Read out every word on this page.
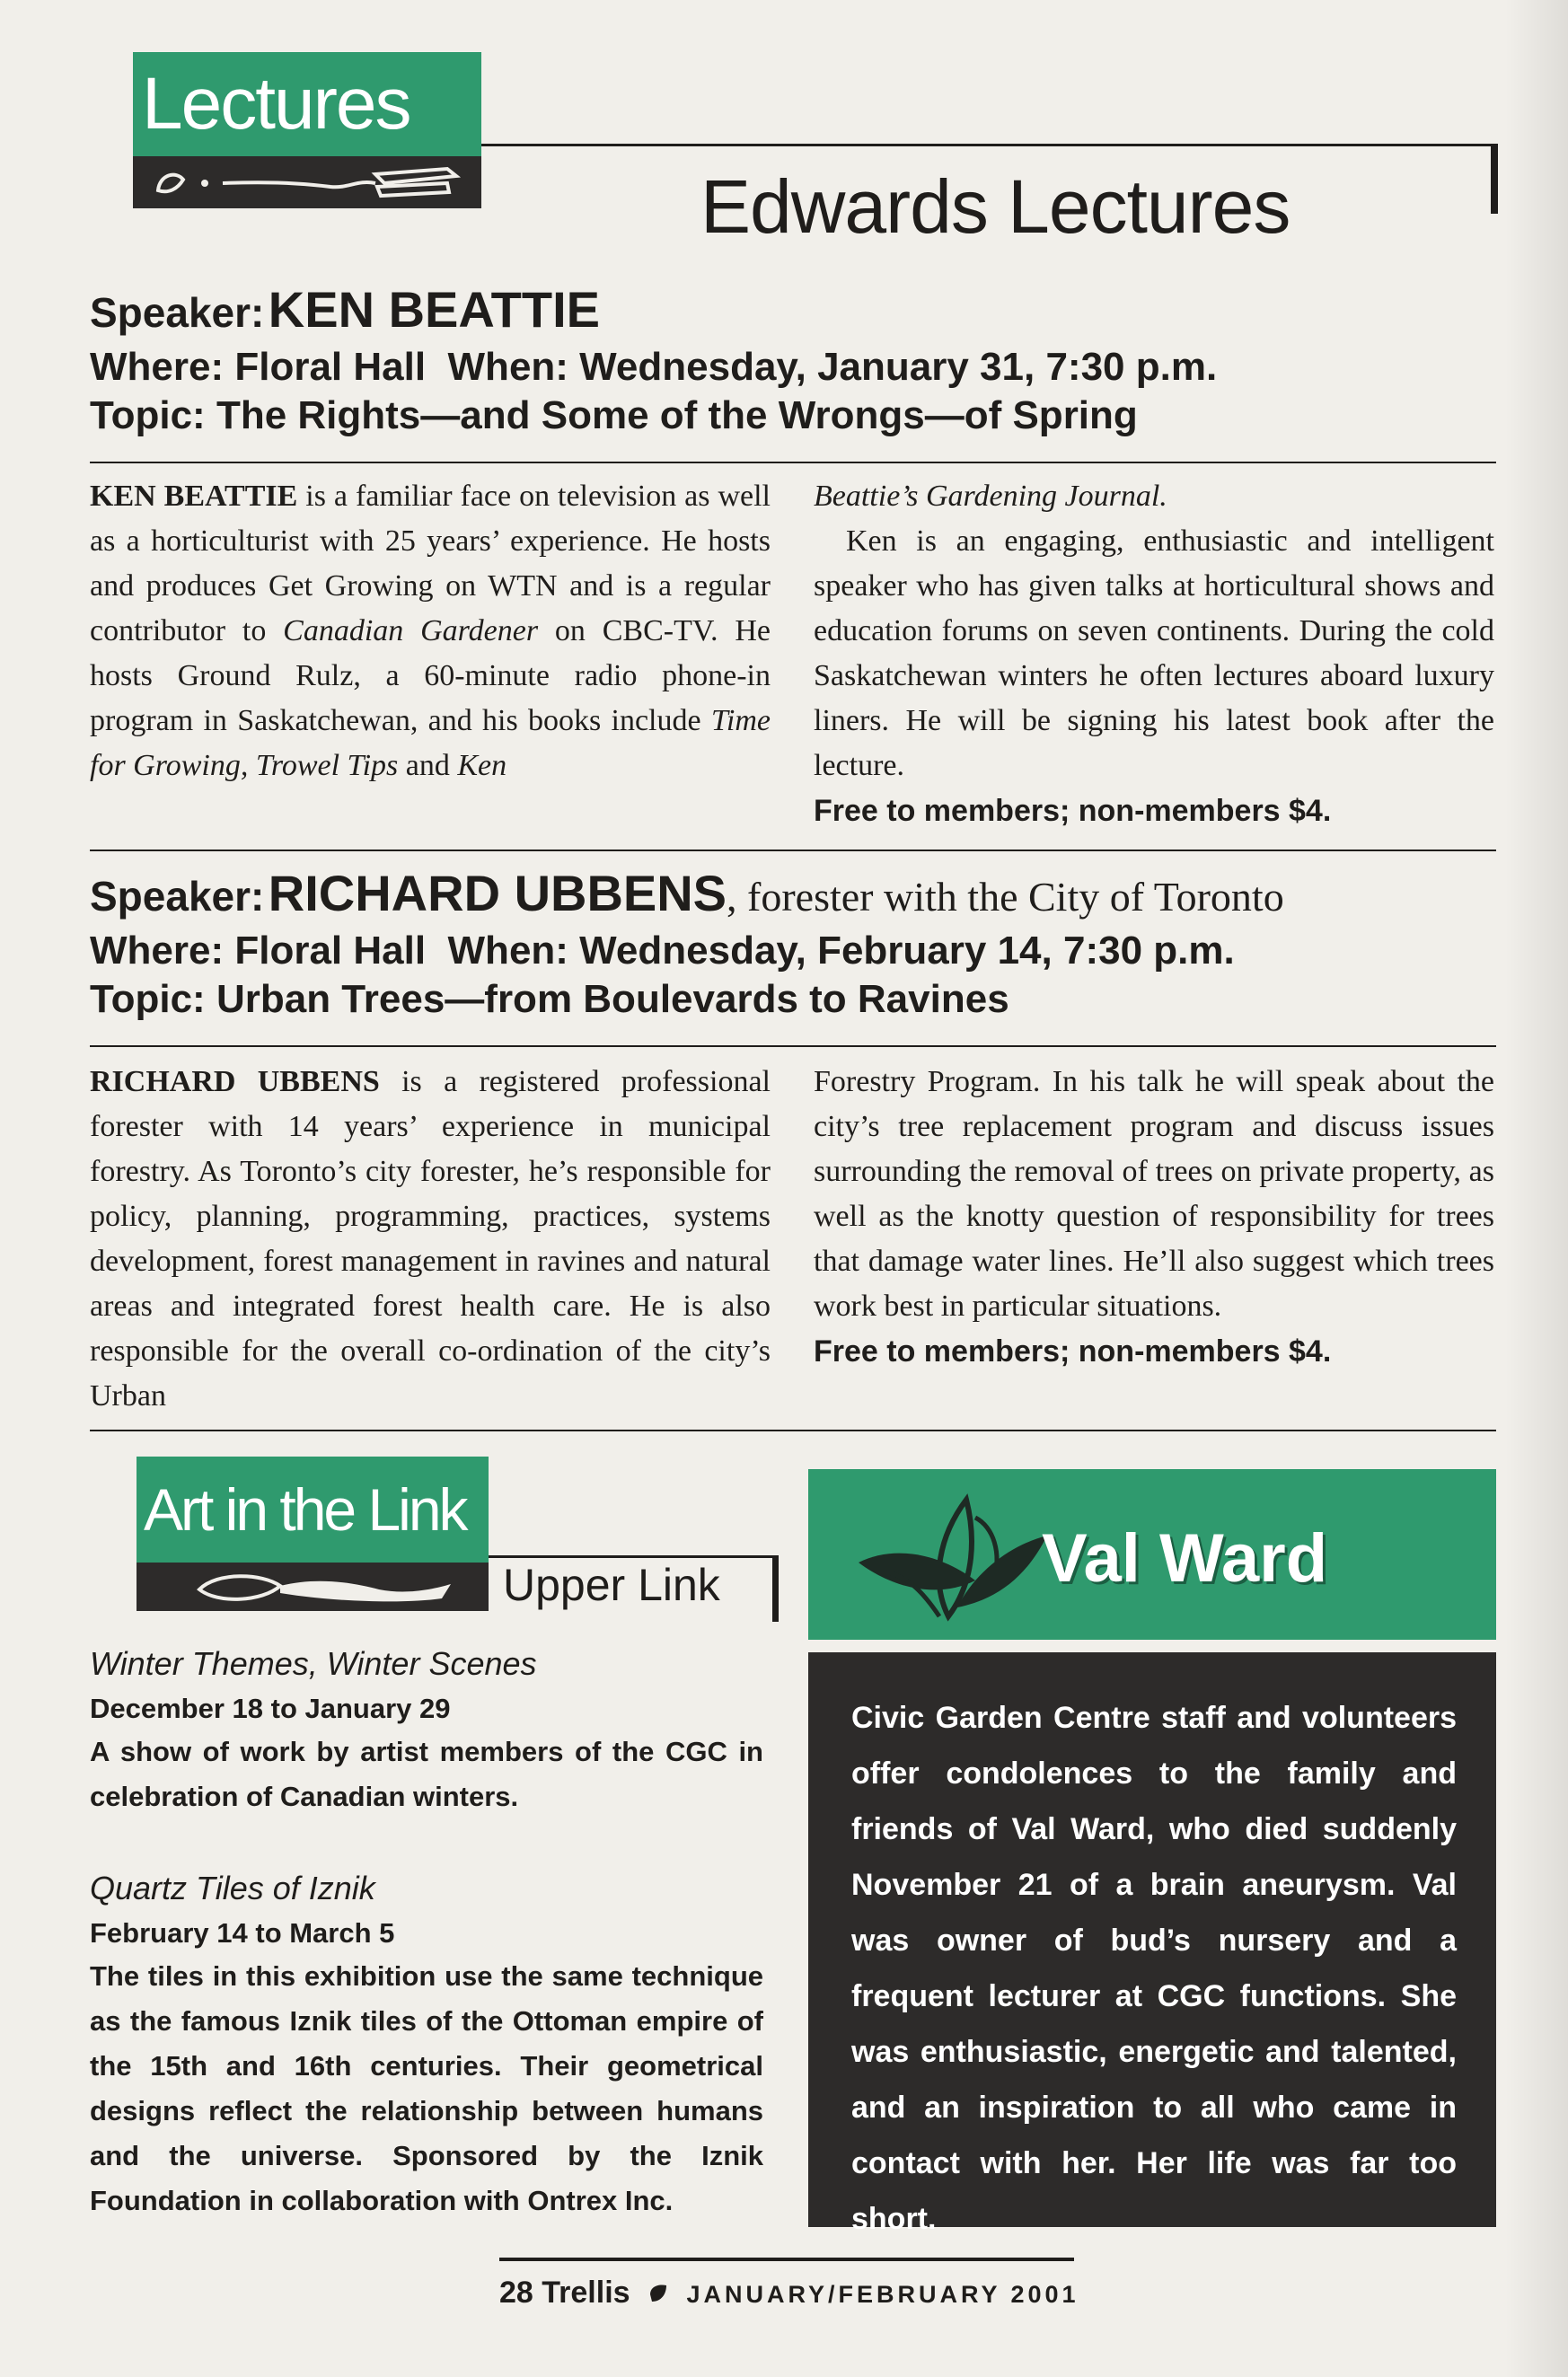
Lectures
Edwards Lectures
Speaker: KEN BEATTIE
Where: Floral Hall When: Wednesday, January 31, 7:30 p.m.
Topic: The Rights—and Some of the Wrongs—of Spring

KEN BEATTIE is a familiar face on television as well as a horticulturist with 25 years’ experience. He hosts and produces Get Growing on WTN and is a regular contributor to Canadian Gardener on CBC-TV. He hosts Ground Rulz, a 60-minute radio phone-in program in Saskatchewan, and his books include Time for Growing, Trowel Tips and Ken

Beattie’s Gardening Journal.

Ken is an engaging, enthusiastic and intelligent speaker who has given talks at horticultural shows and education forums on seven continents. During the cold Saskatchewan winters he often lectures aboard luxury liners. He will be signing his latest book after the lecture.

Free to members; non-members $4.

Speaker: RICHARD UBBENS, forester with the City of Toronto
Where: Floral Hall When: Wednesday, February 14, 7:30 p.m.
Topic: Urban Trees—from Boulevards to Ravines

RICHARD UBBENS is a registered professional forester with 14 years’ experience in municipal forestry. As Toronto’s city forester, he’s responsible for policy, planning, programming, practices, systems development, forest management in ravines and natural areas and integrated forest health care. He is also responsible for the overall co-ordination of the city’s Urban

Forestry Program. In his talk he will speak about the city’s tree replacement program and discuss issues surrounding the removal of trees on private property, as well as the knotty question of responsibility for trees that damage water lines. He’ll also suggest which trees work best in particular situations.

Free to members; non-members $4.

Art in the Link
Upper Link

Winter Themes, Winter Scenes

December 18 to January 29

A show of work by artist members of the CGC in celebration of Canadian winters.

Quartz Tiles of Iznik

February 14 to March 5

The tiles in this exhibition use the same technique as the famous Iznik tiles of the Ottoman empire of the 15th and 16th centuries. Their geometrical designs reflect the relationship between humans and the universe. Sponsored by the Iznik Foundation in collaboration with Ontrex Inc.

Val Ward
Civic Garden Centre staff and volunteers offer condolences to the family and friends of Val Ward, who died suddenly November 21 of a brain aneurysm. Val was owner of bud’s nursery and a frequent lecturer at CGC functions. She was enthusiastic, energetic and talented, and an inspiration to all who came in contact with her. Her life was far too short.
28 Trellis JANUARY/FEBRUARY 2001
